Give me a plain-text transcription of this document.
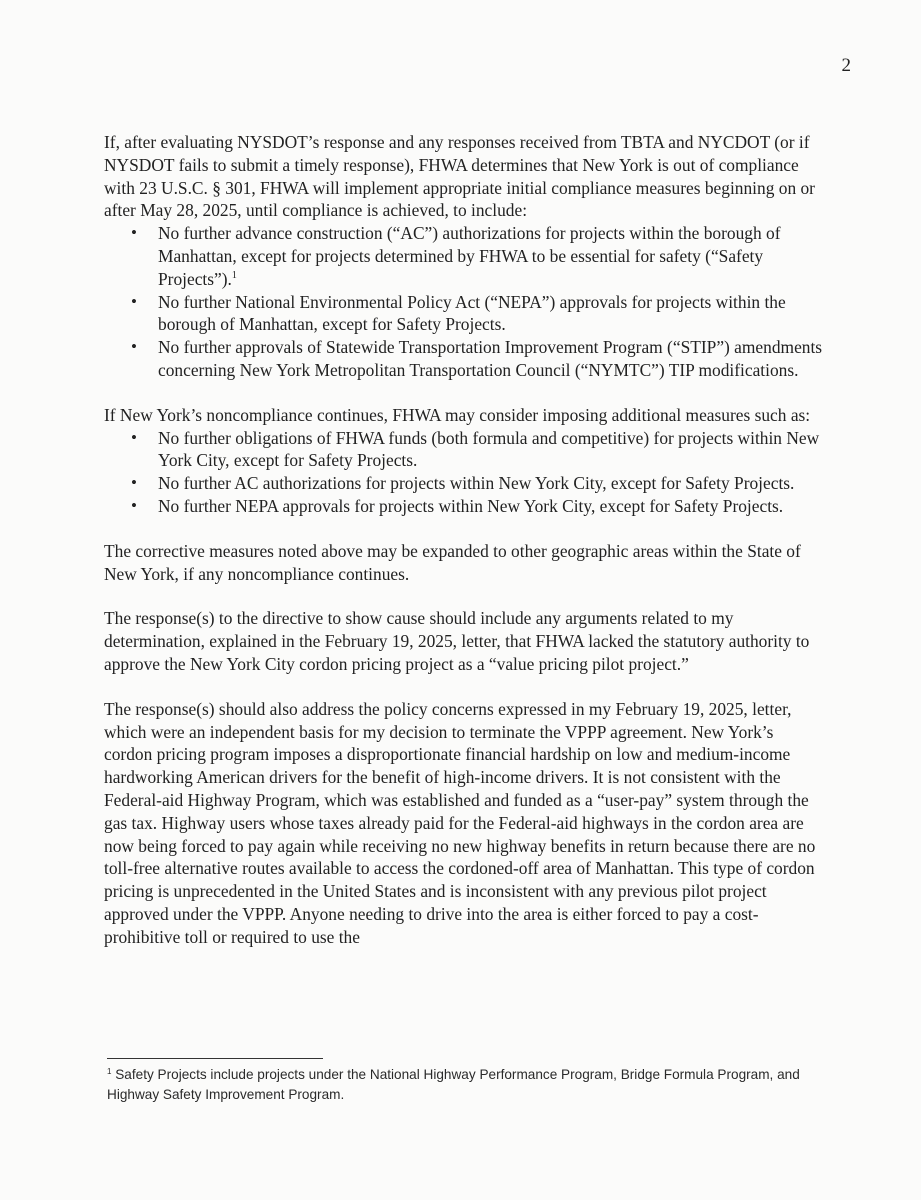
2

If, after evaluating NYSDOT’s response and any responses received from TBTA and NYCDOT (or if NYSDOT fails to submit a timely response), FHWA determines that New York is out of compliance with 23 U.S.C. § 301, FHWA will implement appropriate initial compliance measures beginning on or after May 28, 2025, until compliance is achieved, to include:

• No further advance construction (“AC”) authorizations for projects within the borough of Manhattan, except for projects determined by FHWA to be essential for safety (“Safety Projects”).$^1$
• No further National Environmental Policy Act (“NEPA”) approvals for projects within the borough of Manhattan, except for Safety Projects.
• No further approvals of Statewide Transportation Improvement Program (“STIP”) amendments concerning New York Metropolitan Transportation Council (“NYMTC”) TIP modifications.

If New York’s noncompliance continues, FHWA may consider imposing additional measures such as:

• No further obligations of FHWA funds (both formula and competitive) for projects within New York City, except for Safety Projects.
• No further AC authorizations for projects within New York City, except for Safety Projects.
• No further NEPA approvals for projects within New York City, except for Safety Projects.

The corrective measures noted above may be expanded to other geographic areas within the State of New York, if any noncompliance continues.

The response(s) to the directive to show cause should include any arguments related to my determination, explained in the February 19, 2025, letter, that FHWA lacked the statutory authority to approve the New York City cordon pricing project as a “value pricing pilot project.”

The response(s) should also address the policy concerns expressed in my February 19, 2025, letter, which were an independent basis for my decision to terminate the VPPP agreement. New York’s cordon pricing program imposes a disproportionate financial hardship on low and medium-income hardworking American drivers for the benefit of high-income drivers. It is not consistent with the Federal-aid Highway Program, which was established and funded as a “user-pay” system through the gas tax. Highway users whose taxes already paid for the Federal-aid highways in the cordon area are now being forced to pay again while receiving no new highway benefits in return because there are no toll-free alternative routes available to access the cordoned-off area of Manhattan. This type of cordon pricing is unprecedented in the United States and is inconsistent with any previous pilot project approved under the VPPP. Anyone needing to drive into the area is either forced to pay a cost-prohibitive toll or required to use the

$^1$ Safety Projects include projects under the National Highway Performance Program, Bridge Formula Program, and Highway Safety Improvement Program.
